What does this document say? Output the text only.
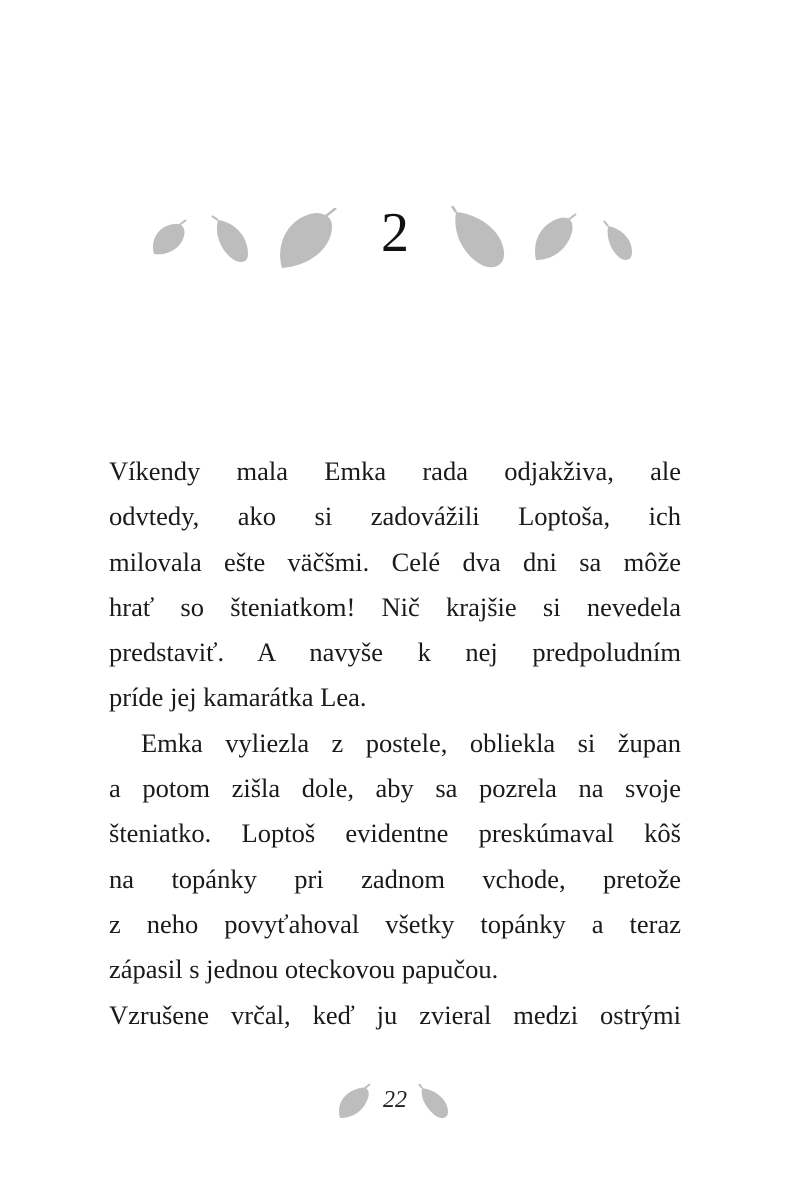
2
Víkendy mala Emka rada odjakživa, ale
odvtedy, ako si zadovážili Loptoša, ich
milovala ešte väčšmi. Celé dva dni sa môže
hrať so šteniatkom! Nič krajšie si nevedela
predstaviť. A navyše k nej predpoludním
príde jej kamarátka Lea.
Emka vyliezla z postele, obliekla si župan
a potom zišla dole, aby sa pozrela na svoje
šteniatko. Loptoš evidentne preskúmaval kôš
na topánky pri zadnom vchode, pretože
z neho povyťahoval všetky topánky a teraz
zápasil s jednou oteckovou papučou.
Vzrušene vrčal, keď ju zvieral medzi ostrými
22
